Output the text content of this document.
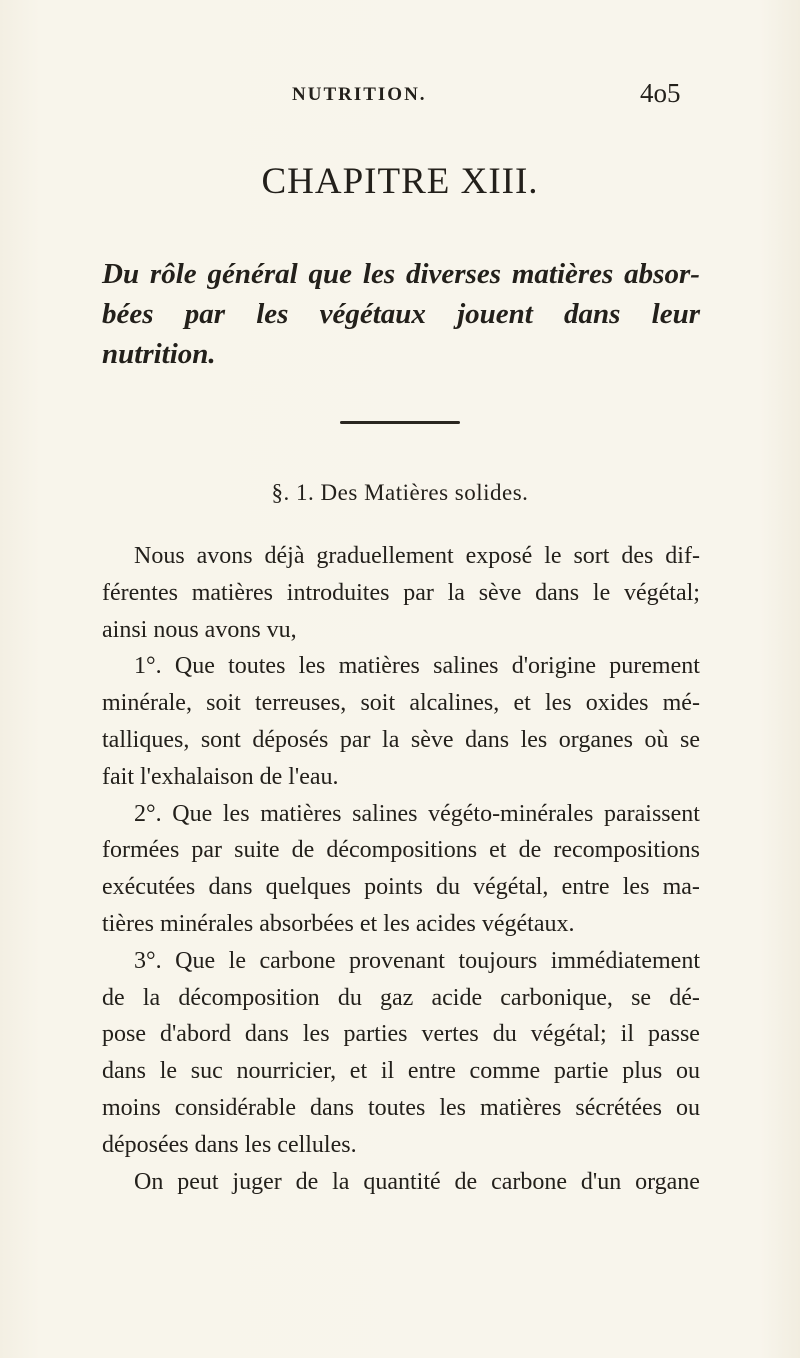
NUTRITION.	4o5
CHAPITRE XIII.
Du rôle général que les diverses matières absor-
bées par les végétaux jouent dans leur
nutrition.
§. 1. Des Matières solides.
Nous avons déjà graduellement exposé le sort des dif-
férentes matières introduites par la sève dans le végétal;
ainsi nous avons vu,
1°. Que toutes les matières salines d'origine purement
minérale, soit terreuses, soit alcalines, et les oxides mé-
talliques, sont déposés par la sève dans les organes où se
fait l'exhalaison de l'eau.
2°. Que les matières salines végéto-minérales paraissent
formées par suite de décompositions et de recompositions
exécutées dans quelques points du végétal, entre les ma-
tières minérales absorbées et les acides végétaux.
3°. Que le carbone provenant toujours immédiatement
de la décomposition du gaz acide carbonique, se dé-
pose d'abord dans les parties vertes du végétal; il passe
dans le suc nourricier, et il entre comme partie plus ou
moins considérable dans toutes les matières sécrétées ou
déposées dans les cellules.
On peut juger de la quantité de carbone d'un organe
